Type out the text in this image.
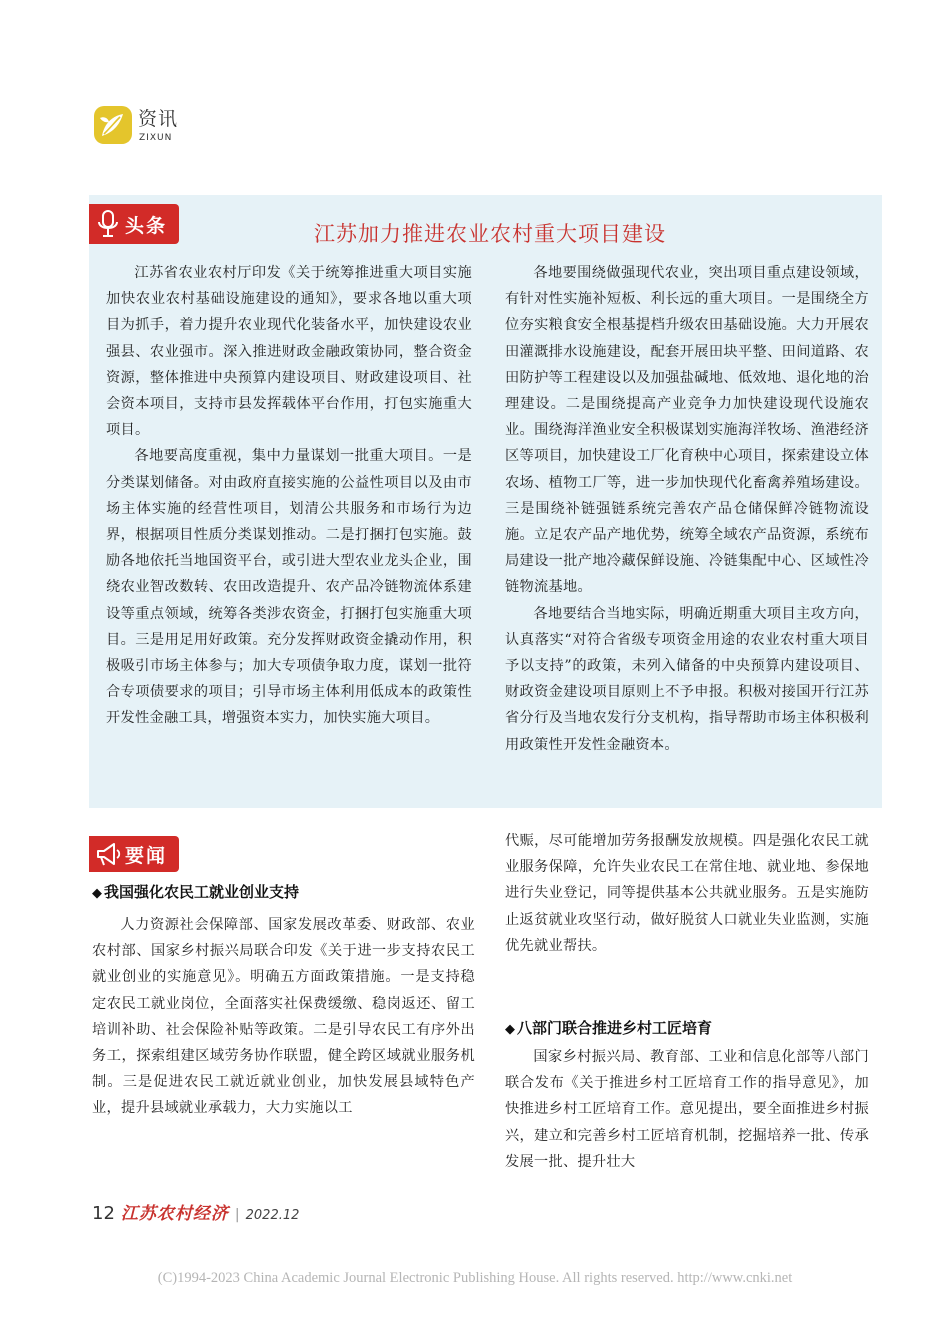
资讯
ZIXUN
头条	江苏加力推进农业农村重大项目建设

江苏省农业农村厅印发《关于统筹推进重大项目实施加快农业农村基础设施建设的通知》，要求各地以重大项目为抓手，着力提升农业现代化装备水平，加快建设农业强县、农业强市。深入推进财政金融政策协同，整合资金资源，整体推进中央预算内建设项目、财政建设项目、社会资本项目，支持市县发挥载体平台作用，打包实施重大项目。

各地要高度重视，集中力量谋划一批重大项目。一是分类谋划储备。对由政府直接实施的公益性项目以及由市场主体实施的经营性项目，划清公共服务和市场行为边界，根据项目性质分类谋划推动。二是打捆打包实施。鼓励各地依托当地国资平台，或引进大型农业龙头企业，围绕农业智改数转、农田改造提升、农产品冷链物流体系建设等重点领域，统筹各类涉农资金，打捆打包实施重大项目。三是用足用好政策。充分发挥财政资金撬动作用，积极吸引市场主体参与；加大专项债争取力度，谋划一批符合专项债要求的项目；引导市场主体利用低成本的政策性开发性金融工具，增强资本实力，加快实施大项目。

各地要围绕做强现代农业，突出项目重点建设领域，有针对性实施补短板、利长远的重大项目。一是围绕全方位夯实粮食安全根基提档升级农田基础设施。大力开展农田灌溉排水设施建设，配套开展田块平整、田间道路、农田防护等工程建设以及加强盐碱地、低效地、退化地的治理建设。二是围绕提高产业竞争力加快建设现代设施农业。围绕海洋渔业安全积极谋划实施海洋牧场、渔港经济区等项目，加快建设工厂化育秧中心项目，探索建设立体农场、植物工厂等，进一步加快现代化畜禽养殖场建设。三是围绕补链强链系统完善农产品仓储保鲜冷链物流设施。立足农产品产地优势，统筹全域农产品资源，系统布局建设一批产地冷藏保鲜设施、冷链集配中心、区域性冷链物流基地。

各地要结合当地实际，明确近期重大项目主攻方向，认真落实“对符合省级专项资金用途的农业农村重大项目予以支持”的政策，未列入储备的中央预算内建设项目、财政资金建设项目原则上不予申报。积极对接国开行江苏省分行及当地农发行分支机构，指导帮助市场主体积极利用政策性开发性金融资本。

要闻
◆ 我国强化农民工就业创业支持

人力资源社会保障部、国家发展改革委、财政部、农业农村部、国家乡村振兴局联合印发《关于进一步支持农民工就业创业的实施意见》。明确五方面政策措施。一是支持稳定农民工就业岗位，全面落实社保费缓缴、稳岗返还、留工培训补助、社会保险补贴等政策。二是引导农民工有序外出务工，探索组建区域劳务协作联盟，健全跨区域就业服务机制。三是促进农民工就近就业创业，加快发展县域特色产业，提升县域就业承载力，大力实施以工

代赈，尽可能增加劳务报酬发放规模。四是强化农民工就业服务保障，允许失业农民工在常住地、就业地、参保地进行失业登记，同等提供基本公共就业服务。五是实施防止返贫就业攻坚行动，做好脱贫人口就业失业监测，实施优先就业帮扶。

◆ 八部门联合推进乡村工匠培育

国家乡村振兴局、教育部、工业和信息化部等八部门联合发布《关于推进乡村工匠培育工作的指导意见》，加快推进乡村工匠培育工作。意见提出，要全面推进乡村振兴，建立和完善乡村工匠培育机制，挖掘培养一批、传承发展一批、提升壮大

12 江苏农村经济 | 2022.12
(C)1994-2023 China Academic Journal Electronic Publishing House. All rights reserved. http://www.cnki.net
